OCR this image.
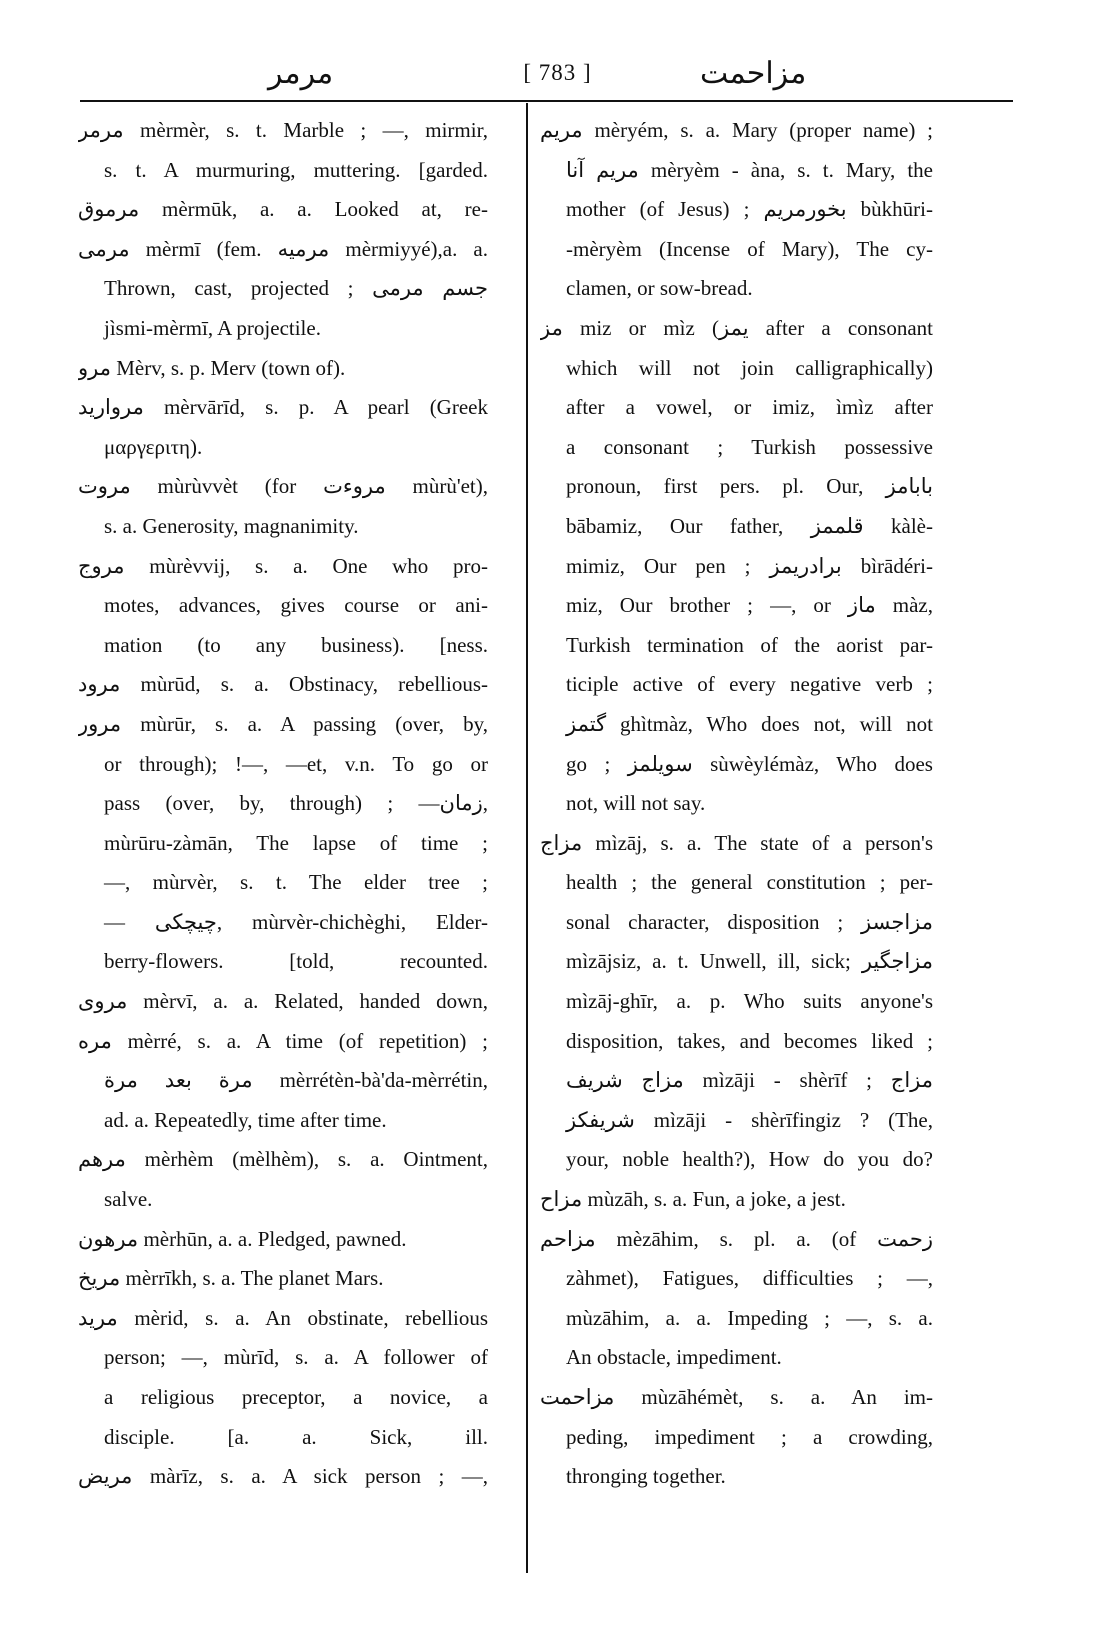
مرمر	[ 783 ]	مزاحمت
مرمر mèrmèr, s. t. Marble ; —, mirmir,
s. t. A murmuring, muttering. [garded.
مرموق mèrmūk, a. a. Looked at, re-
مرمى mèrmī (fem. مرمیه mèrmiyyé),a. a.
Thrown, cast, projected ; جسم مرمى
jìsmi-mèrmī, A projectile.
مرو Mèrv, s. p. Merv (town of).
مرواريد mèrvārīd, s. p. A pearl (Greek
μαργεριτη).
مروت mùrùvvèt (for مروءت mùrù'et),
s. a. Generosity, magnanimity.
مروج mùrèvvij, s. a. One who pro-
motes, advances, gives course or ani-
mation (to any business). [ness.
مرود mùrūd, s. a. Obstinacy, rebellious-
مرور mùrūr, s. a. A passing (over, by,
or through); !—, —et, v.n. To go or
pass (over, by, through) ; —زمان,
mùrūru-zàmān, The lapse of time ;
—, mùrvèr, s. t. The elder tree ;
— چیچکی, mùrvèr-chichèghi, Elder-
berry-flowers. [told, recounted.
مروى mèrvī, a. a. Related, handed down,
مره mèrré, s. a. A time (of repetition) ;
مرة بعد مرة mèrrétèn-bà'da-mèrrétin,
ad. a. Repeatedly, time after time.
مرهم mèrhèm (mèlhèm), s. a. Ointment,
salve.
مرهون mèrhūn, a. a. Pledged, pawned.
مريخ mèrrīkh, s. a. The planet Mars.
مريد mèrid, s. a. An obstinate, rebellious
person; —, mùrīd, s. a. A follower of
a religious preceptor, a novice, a
disciple. [a. a. Sick, ill.
مريض màrīz, s. a. A sick person ; —,
مريم mèryém, s. a. Mary (proper name) ;
مريم آنا mèryèm - àna, s. t. Mary, the
mother (of Jesus) ; بخورمريم bùkhūri-
-mèryèm (Incense of Mary), The cy-
clamen, or sow-bread.
مز miz or mìz (يمز after a consonant
which will not join calligraphically)
after a vowel, or imiz, ìmìz after
a consonant ; Turkish possessive
pronoun, first pers. pl. Our, بابامز
bābamiz, Our father, قلممز kàlè-
mimiz, Our pen ; برادريمز bìrādéri-
miz, Our brother ; —, or ماز màz,
Turkish termination of the aorist par-
ticiple active of every negative verb ;
گتمز ghìtmàz, Who does not, will not
go ; سويلمز sùwèylémàz, Who does
not, will not say.
مزاج mìzāj, s. a. The state of a person's
health ; the general constitution ; per-
sonal character, disposition ; مزاجسز
mìzājsiz, a. t. Unwell, ill, sick; مزاجگیر
mìzāj-ghīr, a. p. Who suits anyone's
disposition, takes, and becomes liked ;
مزاج شريف mìzāji - shèrīf ; مزاج
شريفكز mìzāji - shèrīfingiz ? (The,
your, noble health?), How do you do?
مزاح mùzāh, s. a. Fun, a joke, a jest.
مزاحم mèzāhim, s. pl. a. (of زحمت
zàhmet), Fatigues, difficulties ; —,
mùzāhim, a. a. Impeding ; —, s. a.
An obstacle, impediment.
مزاحمت mùzāhémèt, s. a. An im-
peding, impediment ; a crowding,
thronging together.
